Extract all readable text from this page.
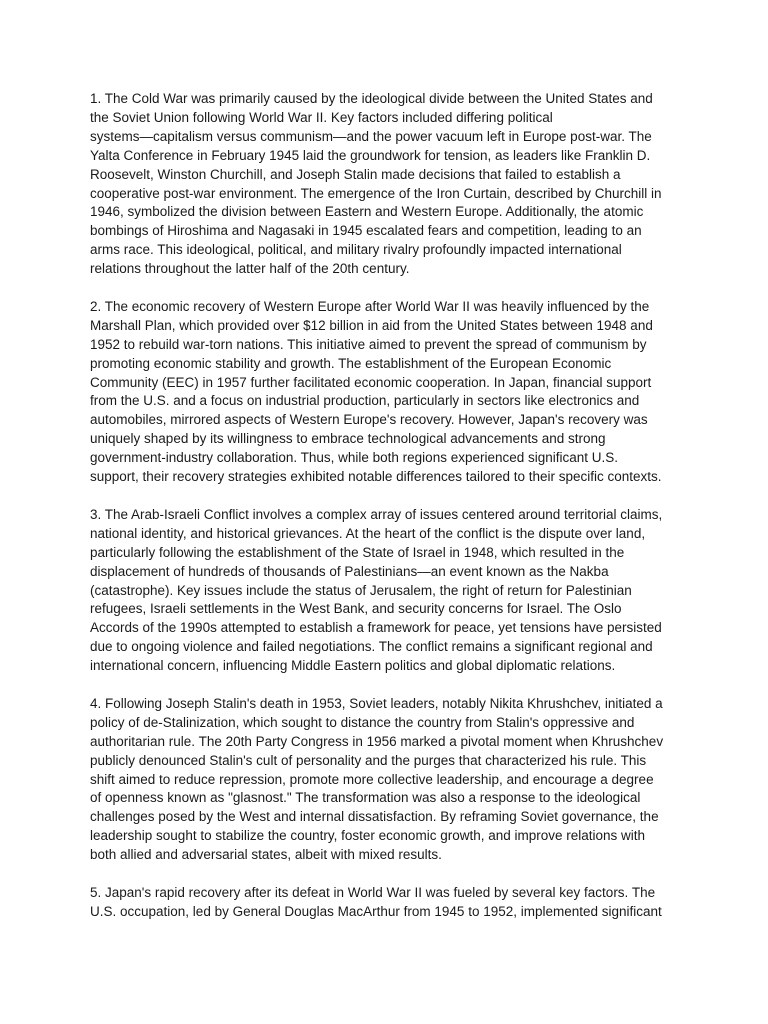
1. The Cold War was primarily caused by the ideological divide between the United States and
the Soviet Union following World War II. Key factors included differing political
systems—capitalism versus communism—and the power vacuum left in Europe post-war. The
Yalta Conference in February 1945 laid the groundwork for tension, as leaders like Franklin D.
Roosevelt, Winston Churchill, and Joseph Stalin made decisions that failed to establish a
cooperative post-war environment. The emergence of the Iron Curtain, described by Churchill in
1946, symbolized the division between Eastern and Western Europe. Additionally, the atomic
bombings of Hiroshima and Nagasaki in 1945 escalated fears and competition, leading to an
arms race. This ideological, political, and military rivalry profoundly impacted international
relations throughout the latter half of the 20th century.

2. The economic recovery of Western Europe after World War II was heavily influenced by the
Marshall Plan, which provided over $12 billion in aid from the United States between 1948 and
1952 to rebuild war-torn nations. This initiative aimed to prevent the spread of communism by
promoting economic stability and growth. The establishment of the European Economic
Community (EEC) in 1957 further facilitated economic cooperation. In Japan, financial support
from the U.S. and a focus on industrial production, particularly in sectors like electronics and
automobiles, mirrored aspects of Western Europe's recovery. However, Japan's recovery was
uniquely shaped by its willingness to embrace technological advancements and strong
government-industry collaboration. Thus, while both regions experienced significant U.S.
support, their recovery strategies exhibited notable differences tailored to their specific contexts.

3. The Arab-Israeli Conflict involves a complex array of issues centered around territorial claims,
national identity, and historical grievances. At the heart of the conflict is the dispute over land,
particularly following the establishment of the State of Israel in 1948, which resulted in the
displacement of hundreds of thousands of Palestinians—an event known as the Nakba
(catastrophe). Key issues include the status of Jerusalem, the right of return for Palestinian
refugees, Israeli settlements in the West Bank, and security concerns for Israel. The Oslo
Accords of the 1990s attempted to establish a framework for peace, yet tensions have persisted
due to ongoing violence and failed negotiations. The conflict remains a significant regional and
international concern, influencing Middle Eastern politics and global diplomatic relations.

4. Following Joseph Stalin's death in 1953, Soviet leaders, notably Nikita Khrushchev, initiated a
policy of de-Stalinization, which sought to distance the country from Stalin's oppressive and
authoritarian rule. The 20th Party Congress in 1956 marked a pivotal moment when Khrushchev
publicly denounced Stalin's cult of personality and the purges that characterized his rule. This
shift aimed to reduce repression, promote more collective leadership, and encourage a degree
of openness known as "glasnost." The transformation was also a response to the ideological
challenges posed by the West and internal dissatisfaction. By reframing Soviet governance, the
leadership sought to stabilize the country, foster economic growth, and improve relations with
both allied and adversarial states, albeit with mixed results.

5. Japan's rapid recovery after its defeat in World War II was fueled by several key factors. The
U.S. occupation, led by General Douglas MacArthur from 1945 to 1952, implemented significant
